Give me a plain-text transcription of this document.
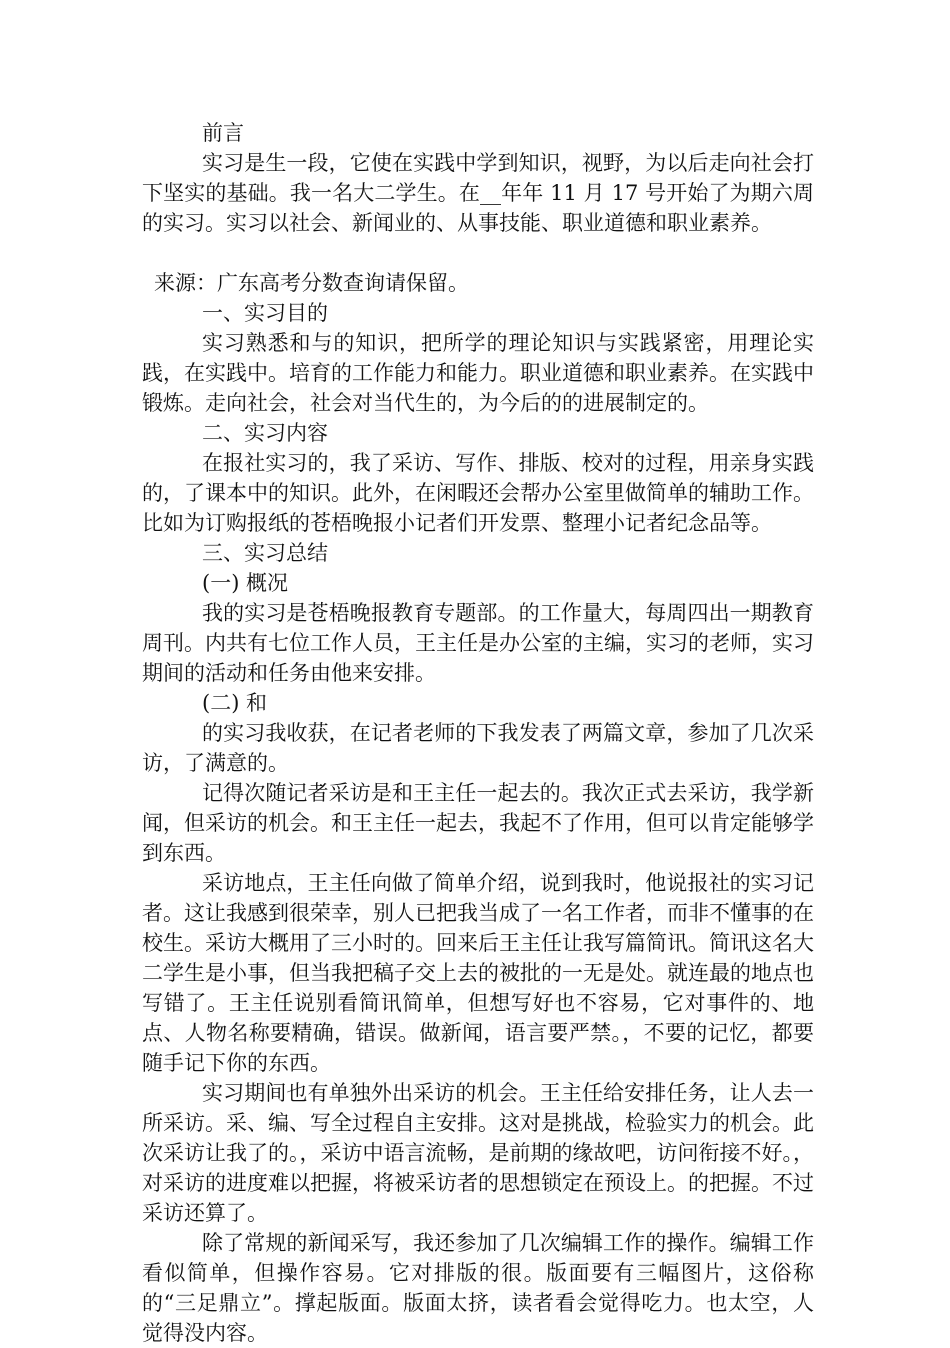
前言

实习是生一段，它使在实践中学到知识，视野，为以后走向社会打下坚实的基础。我一名大二学生。在__年年 11 月 17 号开始了为期六周的实习。实习以社会、新闻业的、从事技能、职业道德和职业素养。

来源：广东高考分数查询请保留。

一、实习目的

实习熟悉和与的知识，把所学的理论知识与实践紧密，用理论实践，在实践中。培育的工作能力和能力。职业道德和职业素养。在实践中锻炼。走向社会，社会对当代生的，为今后的的进展制定的。

二、实习内容

在报社实习的，我了采访、写作、排版、校对的过程，用亲身实践的，了课本中的知识。此外，在闲暇还会帮办公室里做简单的辅助工作。比如为订购报纸的苍梧晚报小记者们开发票、整理小记者纪念品等。

三、实习总结

(一) 概况

我的实习是苍梧晚报教育专题部。的工作量大，每周四出一期教育周刊。内共有七位工作人员，王主任是办公室的主编，实习的老师，实习期间的活动和任务由他来安排。

(二) 和

的实习我收获，在记者老师的下我发表了两篇文章，参加了几次采访，了满意的。

记得次随记者采访是和王主任一起去的。我次正式去采访，我学新闻，但采访的机会。和王主任一起去，我起不了作用，但可以肯定能够学到东西。

采访地点，王主任向做了简单介绍，说到我时，他说报社的实习记者。这让我感到很荣幸，别人已把我当成了一名工作者，而非不懂事的在校生。采访大概用了三小时的。回来后王主任让我写篇简讯。简讯这名大二学生是小事，但当我把稿子交上去的被批的一无是处。就连最的地点也写错了。王主任说别看简讯简单，但想写好也不容易，它对事件的、地点、人物名称要精确，错误。做新闻，语言要严禁。，不要的记忆，都要随手记下你的东西。

实习期间也有单独外出采访的机会。王主任给安排任务，让人去一所采访。采、编、写全过程自主安排。这对是挑战，检验实力的机会。此次采访让我了的。，采访中语言流畅，是前期的缘故吧，访问衔接不好。，对采访的进度难以把握，将被采访者的思想锁定在预设上。的把握。不过采访还算了。

除了常规的新闻采写，我还参加了几次编辑工作的操作。编辑工作看似简单，但操作容易。它对排版的很。版面要有三幅图片，这俗称的“三足鼎立”。撑起版面。版面太挤，读者看会觉得吃力。也太空，人觉得没内容。
